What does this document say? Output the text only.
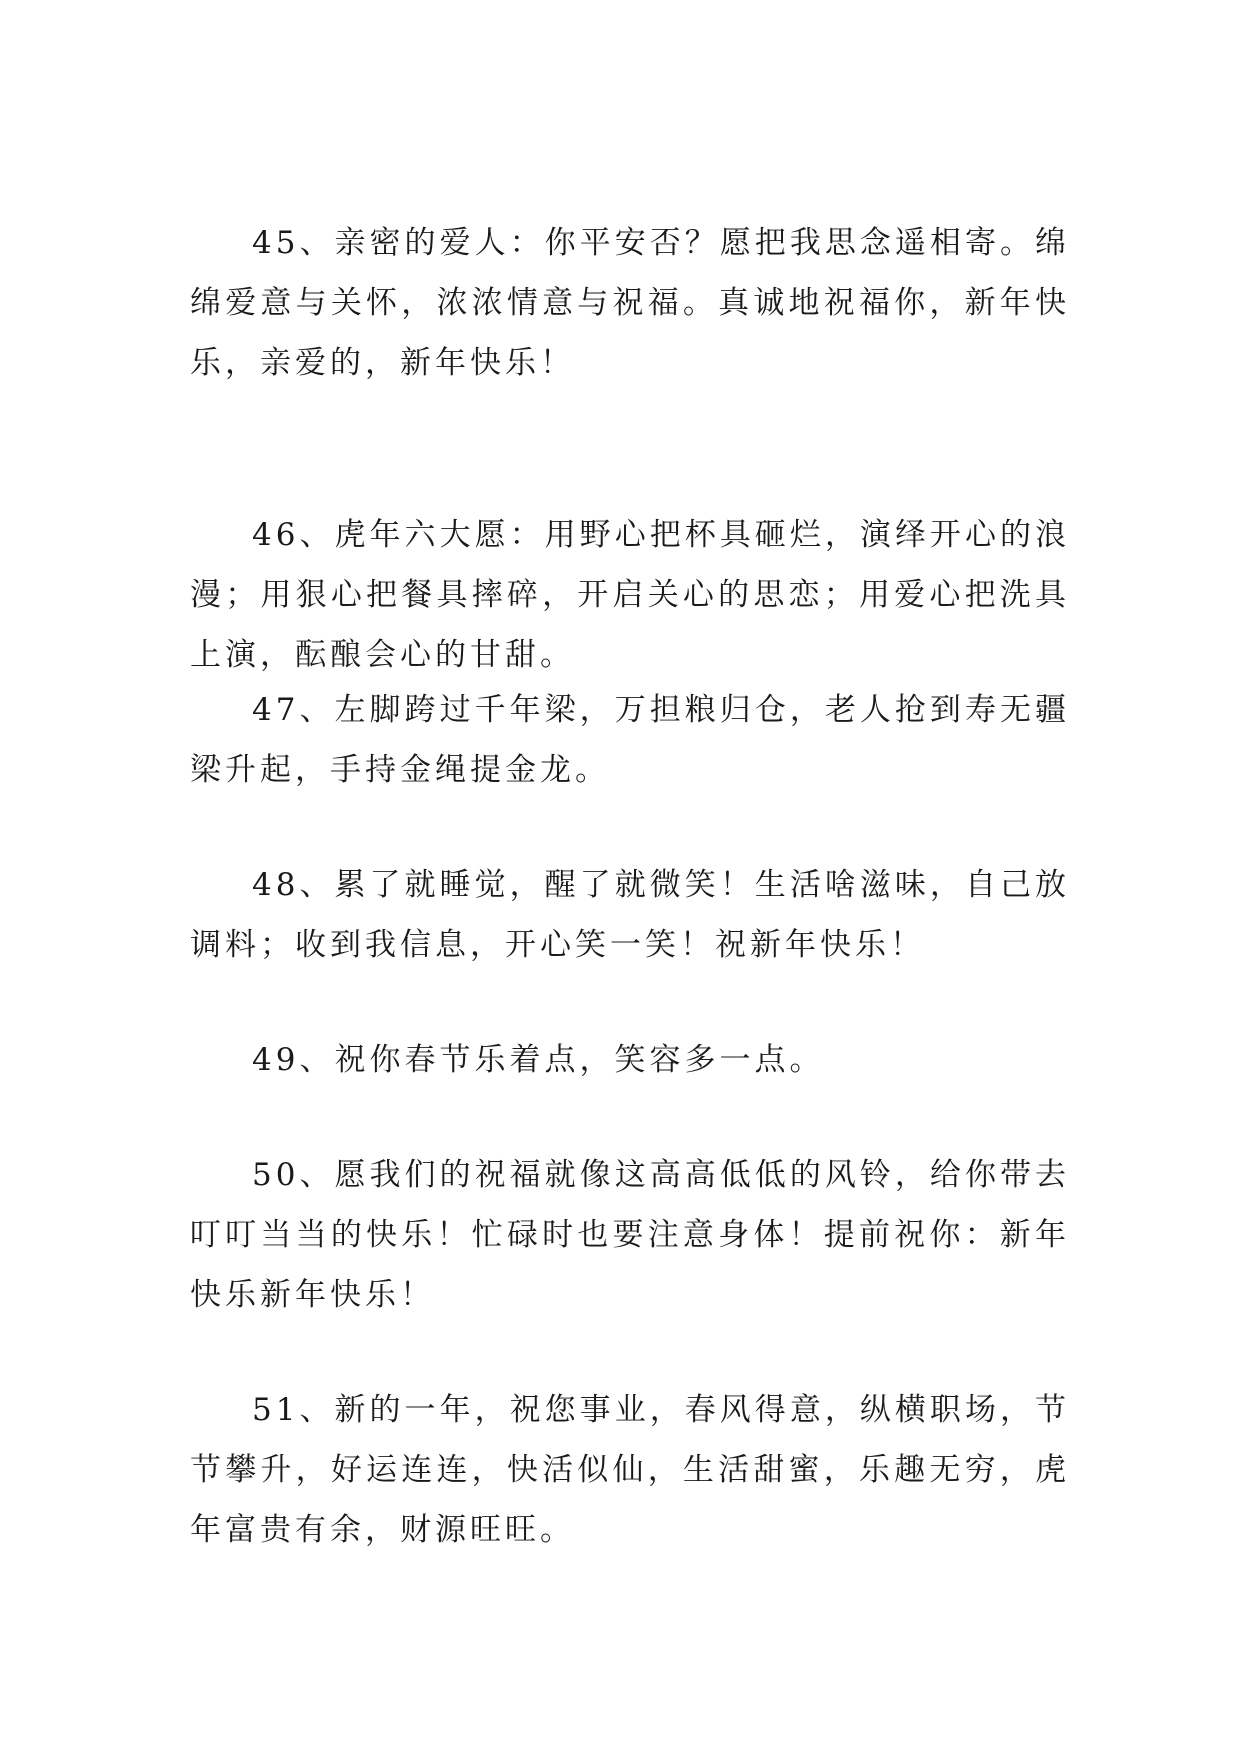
45、亲密的爱人：你平安否？愿把我思念遥相寄。绵绵爱意与关怀，浓浓情意与祝福。真诚地祝福你，新年快乐，亲爱的，新年快乐！

46、虎年六大愿：用野心把杯具砸烂，演绎开心的浪漫；用狠心把餐具摔碎，开启关心的思恋；用爱心把洗具上演，酝酿会心的甘甜。

47、左脚跨过千年梁，万担粮归仓，老人抢到寿无疆梁升起，手持金绳提金龙。

48、累了就睡觉，醒了就微笑！生活啥滋味，自己放调料；收到我信息，开心笑一笑！祝新年快乐！

49、祝你春节乐着点，笑容多一点。

50、愿我们的祝福就像这高高低低的风铃，给你带去叮叮当当的快乐！忙碌时也要注意身体！提前祝你：新年快乐新年快乐！

51、新的一年，祝您事业，春风得意，纵横职场，节节攀升，好运连连，快活似仙，生活甜蜜，乐趣无穷，虎年富贵有余，财源旺旺。
